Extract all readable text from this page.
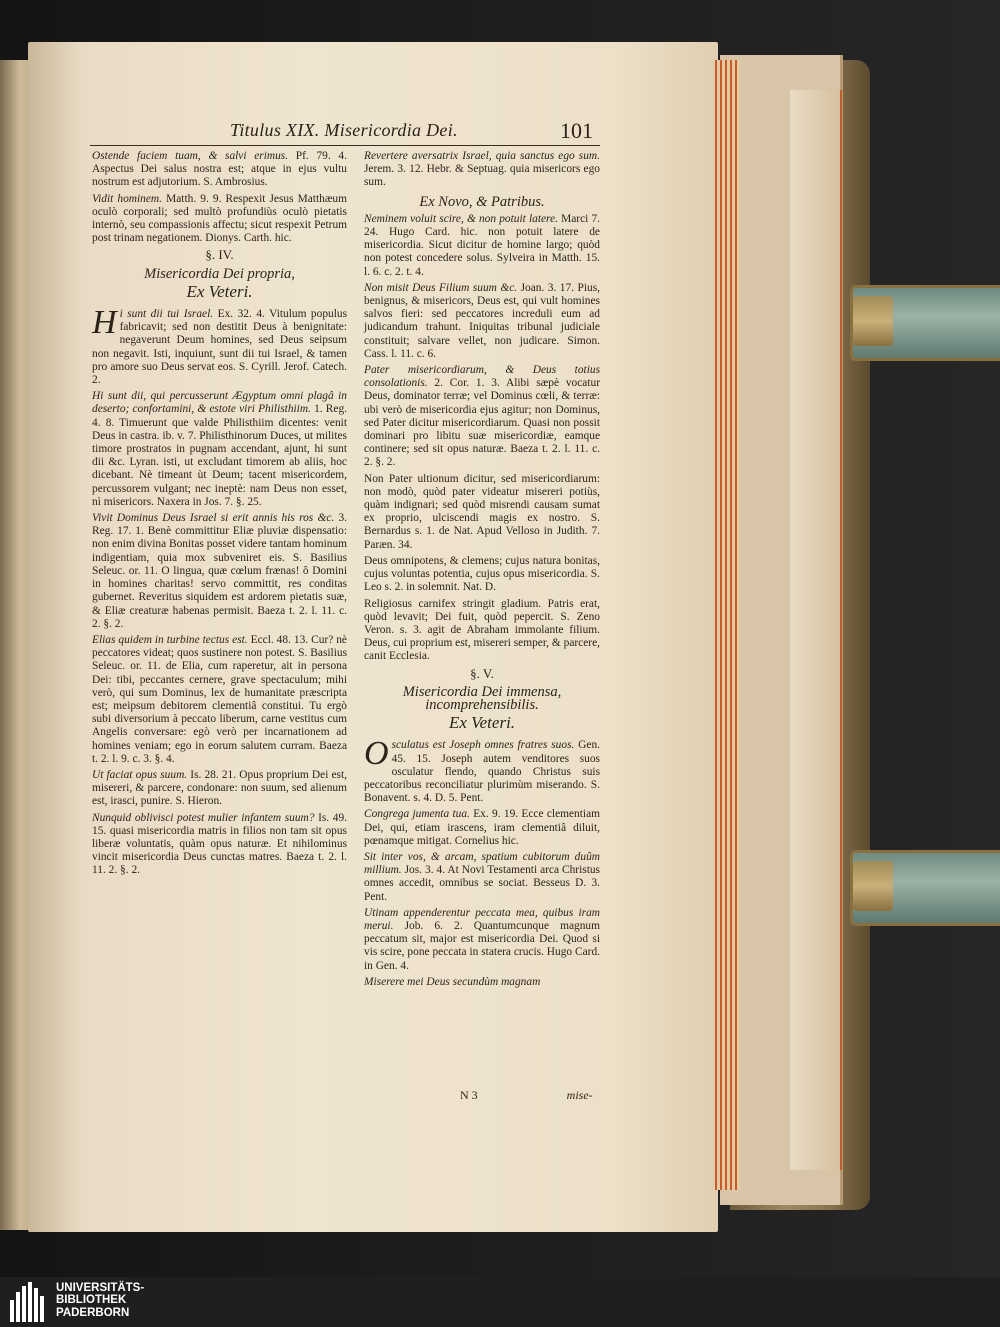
Titulus XIX. Misericordia Dei.	101

Ostende faciem tuam, & salvi erimus. Pf. 79. 4. Aspectus Dei salus nostra est; atque in ejus vultu nostrum est adjutorium. S. Ambrosius.

Vidit hominem. Matth. 9. 9. Respexit Jesus Matthæum oculò corporali; sed multò profundiùs oculò pietatis internò, seu compassionis affectu; sicut respexit Petrum post trinam negationem. Dionys. Carth. hic.

§. IV.
Misericordia Dei propria,
Ex Veteri.

Hi sunt dii tui Israel. Ex. 32. 4. Vitulum populus fabricavit; sed non destitit Deus à benignitate: negaverunt Deum homines, sed Deus seipsum non negavit. Isti, inquiunt, sunt dii tui Israel, & tamen pro amore suo Deus servat eos. S. Cyrill. Jerof. Catech. 2.

Hi sunt dii, qui percusserunt Ægyptum omni plagâ in deserto; confortamini, & estote viri Philisthiim. 1. Reg. 4. 8. Timuerunt que valde Philisthiim dicentes: venit Deus in castra. ib. v. 7. Philisthinorum Duces, ut milites timore prostratos in pugnam accendant, ajunt, hi sunt dii &c. Lyran. isti, ut excludant timorem ab aliis, hoc dicebant. Nè timeant ùt Deum; tacent misericordem, percussorem vulgant; nec ineptè: nam Deus non esset, nì misericors. Naxera in Jos. 7. §. 25.

Vivit Dominus Deus Israel si erit annis his ros &c. 3. Reg. 17. 1. Benè committitur Eliæ pluviæ dispensatio: non enim divina Bonitas posset videre tantam hominum indigentiam, quia mox subveniret eis. S. Basilius Seleuc. or. 11. O lingua, quæ cœlum frænas! ô Domini in homines charitas! servo committit, res conditas gubernet. Reveritus siquidem est ardorem pietatis suæ, & Eliæ creaturæ habenas permisit. Baeza t. 2. l. 11. c. 2. §. 2.

Elias quidem in turbine tectus est. Eccl. 48. 13. Cur? nè peccatores videat; quos sustinere non potest. S. Basilius Seleuc. or. 11. de Elia, cum raperetur, ait in persona Dei: tibi, peccantes cernere, grave spectaculum; mihi verò, qui sum Dominus, lex de humanitate præscripta est; meipsum debitorem clementiâ constitui. Tu ergò subi diversorium à peccato liberum, carne vestitus cum Angelis conversare: egò verò per incarnationem ad homines veniam; ego in eorum salutem curram. Baeza t. 2. l. 9. c. 3. §. 4.

Ut faciat opus suum. Is. 28. 21. Opus proprium Dei est, misereri, & parcere, condonare: non suum, sed alienum est, irasci, punire. S. Hieron.

Nunquid oblivisci potest mulier infantem suum? Is. 49. 15. quasi misericordia matris in filios non tam sit opus liberæ voluntatis, quàm opus naturæ. Et nihilominus vincit misericordia Deus cunctas matres. Baeza t. 2. l. 11. 2. §. 2.

Revertere aversatrix Israel, quia sanctus ego sum. Jerem. 3. 12. Hebr. & Septuag. quia misericors ego sum.

Ex Novo, & Patribus.

Neminem voluit scire, & non potuit latere. Marci 7. 24. Hugo Card. hic. non potuit latere de misericordia. Sicut dicitur de homine largo; quòd non potest concedere solus. Sylveira in Matth. 15. l. 6. c. 2. t. 4.

Non misit Deus Filium suum &c. Joan. 3. 17. Pius, benignus, & misericors, Deus est, qui vult homines salvos fieri: sed peccatores increduli eum ad judicandum trahunt. Iniquitas tribunal judiciale constituit; salvare vellet, non judicare. Simon. Cass. l. 11. c. 6.

Pater misericordiarum, & Deus totius consolationis. 2. Cor. 1. 3. Alibi sæpè vocatur Deus, dominator terræ; vel Dominus cœli, & terræ: ubi verò de misericordia ejus agitur; non Dominus, sed Pater dicitur misericordiarum. Quasi non possit dominari pro libitu suæ misericordiæ, eamque continere; sed sit opus naturæ. Baeza t. 2. l. 11. c. 2. §. 2.

Non Pater ultionum dicitur, sed misericordiarum: non modò, quòd pater videatur misereri potiùs, quàm indignari; sed quòd misrendi causam sumat ex proprio, ulciscendi magis ex nostro. S. Bernardus s. 1. de Nat. Apud Velloso in Judith. 7. Paræn. 34.

Deus omnipotens, & clemens; cujus natura bonitas, cujus voluntas potentia, cujus opus misericordia. S. Leo s. 2. in solemnit. Nat. D.

Religiosus carnifex stringit gladium. Patris erat, quòd levavit; Dei fuit, quòd pepercit. S. Zeno Veron. s. 3. agit de Abraham immolante filium. Deus, cui proprium est, misereri semper, & parcere, canit Ecclesia.

§. V.
Misericordia Dei immensa, incomprehensibilis.
Ex Veteri.

Osculatus est Joseph omnes fratres suos. Gen. 45. 15. Joseph autem venditores suos osculatur flendo, quando Christus suis peccatoribus reconciliatur plurimùm miserando. S. Bonavent. s. 4. D. 5. Pent.

Congrega jumenta tua. Ex. 9. 19. Ecce clementiam Dei, qui, etiam irascens, iram clementiâ diluit, pœnamque mitigat. Cornelius hic.

Sit inter vos, & arcam, spatium cubitorum duûm millium. Jos. 3. 4. At Novi Testamenti arca Christus omnes accedit, omnibus se sociat. Besseus D. 3. Pent.

Utinam appenderentur peccata mea, quibus iram merui. Job. 6. 2. Quantumcunque magnum peccatum sit, major est misericordia Dei. Quod si vis scire, pone peccata in statera crucis. Hugo Card. in Gen. 4.

Miserere mei Deus secundùm magnam

N 3	mise-
UNIVERSITÄTS-
BIBLIOTHEK
PADERBORN
